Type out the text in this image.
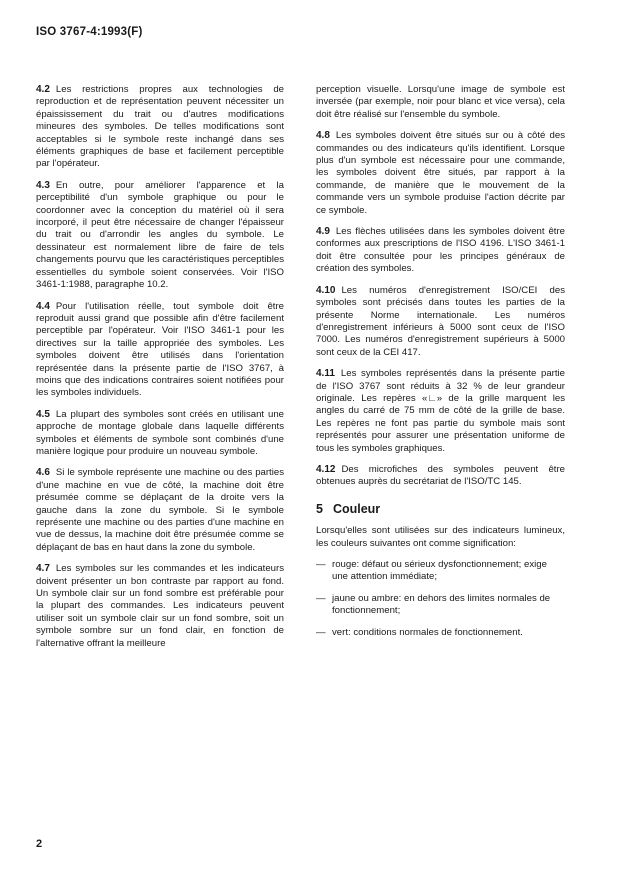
ISO 3767-4:1993(F)

4.2 Les restrictions propres aux technologies de reproduction et de représentation peuvent nécessiter un épaississement du trait ou d'autres modifications mineures des symboles. De telles modifications sont acceptables si le symbole reste inchangé dans ses éléments graphiques de base et facilement perceptible par l'opérateur.

4.3 En outre, pour améliorer l'apparence et la perceptibilité d'un symbole graphique ou pour le coordonner avec la conception du matériel où il sera incorporé, il peut être nécessaire de changer l'épaisseur du trait ou d'arrondir les angles du symbole. Le dessinateur est normalement libre de faire de tels changements pourvu que les caractéristiques perceptibles essentielles du symbole soient conservées. Voir l'ISO 3461-1:1988, paragraphe 10.2.

4.4 Pour l'utilisation réelle, tout symbole doit être reproduit aussi grand que possible afin d'être facilement perceptible par l'opérateur. Voir l'ISO 3461-1 pour les directives sur la taille appropriée des symboles. Les symboles doivent être utilisés dans l'orientation représentée dans la présente partie de l'ISO 3767, à moins que des indications contraires soient notifiées pour les symboles individuels.

4.5 La plupart des symboles sont créés en utilisant une approche de montage globale dans laquelle différents symboles et éléments de symbole sont combinés d'une manière logique pour produire un nouveau symbole.

4.6 Si le symbole représente une machine ou des parties d'une machine en vue de côté, la machine doit être présumée comme se déplaçant de la droite vers la gauche dans la zone du symbole. Si le symbole représente une machine ou des parties d'une machine en vue de dessus, la machine doit être présumée comme se déplaçant de bas en haut dans la zone du symbole.

4.7 Les symboles sur les commandes et les indicateurs doivent présenter un bon contraste par rapport au fond. Un symbole clair sur un fond sombre est préférable pour la plupart des commandes. Les indicateurs peuvent utiliser soit un symbole clair sur un fond sombre, soit un symbole sombre sur un fond clair, en fonction de l'alternative offrant la meilleure

perception visuelle. Lorsqu'une image de symbole est inversée (par exemple, noir pour blanc et vice versa), cela doit être réalisé sur l'ensemble du symbole.

4.8 Les symboles doivent être situés sur ou à côté des commandes ou des indicateurs qu'ils identifient. Lorsque plus d'un symbole est nécessaire pour une commande, les symboles doivent être situés, par rapport à la commande, de manière que le mouvement de la commande vers un symbole produise l'action décrite par ce symbole.

4.9 Les flèches utilisées dans les symboles doivent être conformes aux prescriptions de l'ISO 4196. L'ISO 3461-1 doit être consultée pour les principes généraux de création des symboles.

4.10 Les numéros d'enregistrement ISO/CEI des symboles sont précisés dans toutes les parties de la présente Norme internationale. Les numéros d'enregistrement inférieurs à 5000 sont ceux de l'ISO 7000. Les numéros d'enregistrement supérieurs à 5000 sont ceux de la CEI 417.

4.11 Les symboles représentés dans la présente partie de l'ISO 3767 sont réduits à 32 % de leur grandeur originale. Les repères «∟» de la grille marquent les angles du carré de 75 mm de côté de la grille de base. Les repères ne font pas partie du symbole mais sont représentés pour assurer une présentation uniforme de tous les symboles graphiques.

4.12 Des microfiches des symboles peuvent être obtenues auprès du secrétariat de l'ISO/TC 145.

5 Couleur

Lorsqu'elles sont utilisées sur des indicateurs lumineux, les couleurs suivantes ont comme signification:

— rouge: défaut ou sérieux dysfonctionnement; exige une attention immédiate;
— jaune ou ambre: en dehors des limites normales de fonctionnement;
— vert: conditions normales de fonctionnement.
2
